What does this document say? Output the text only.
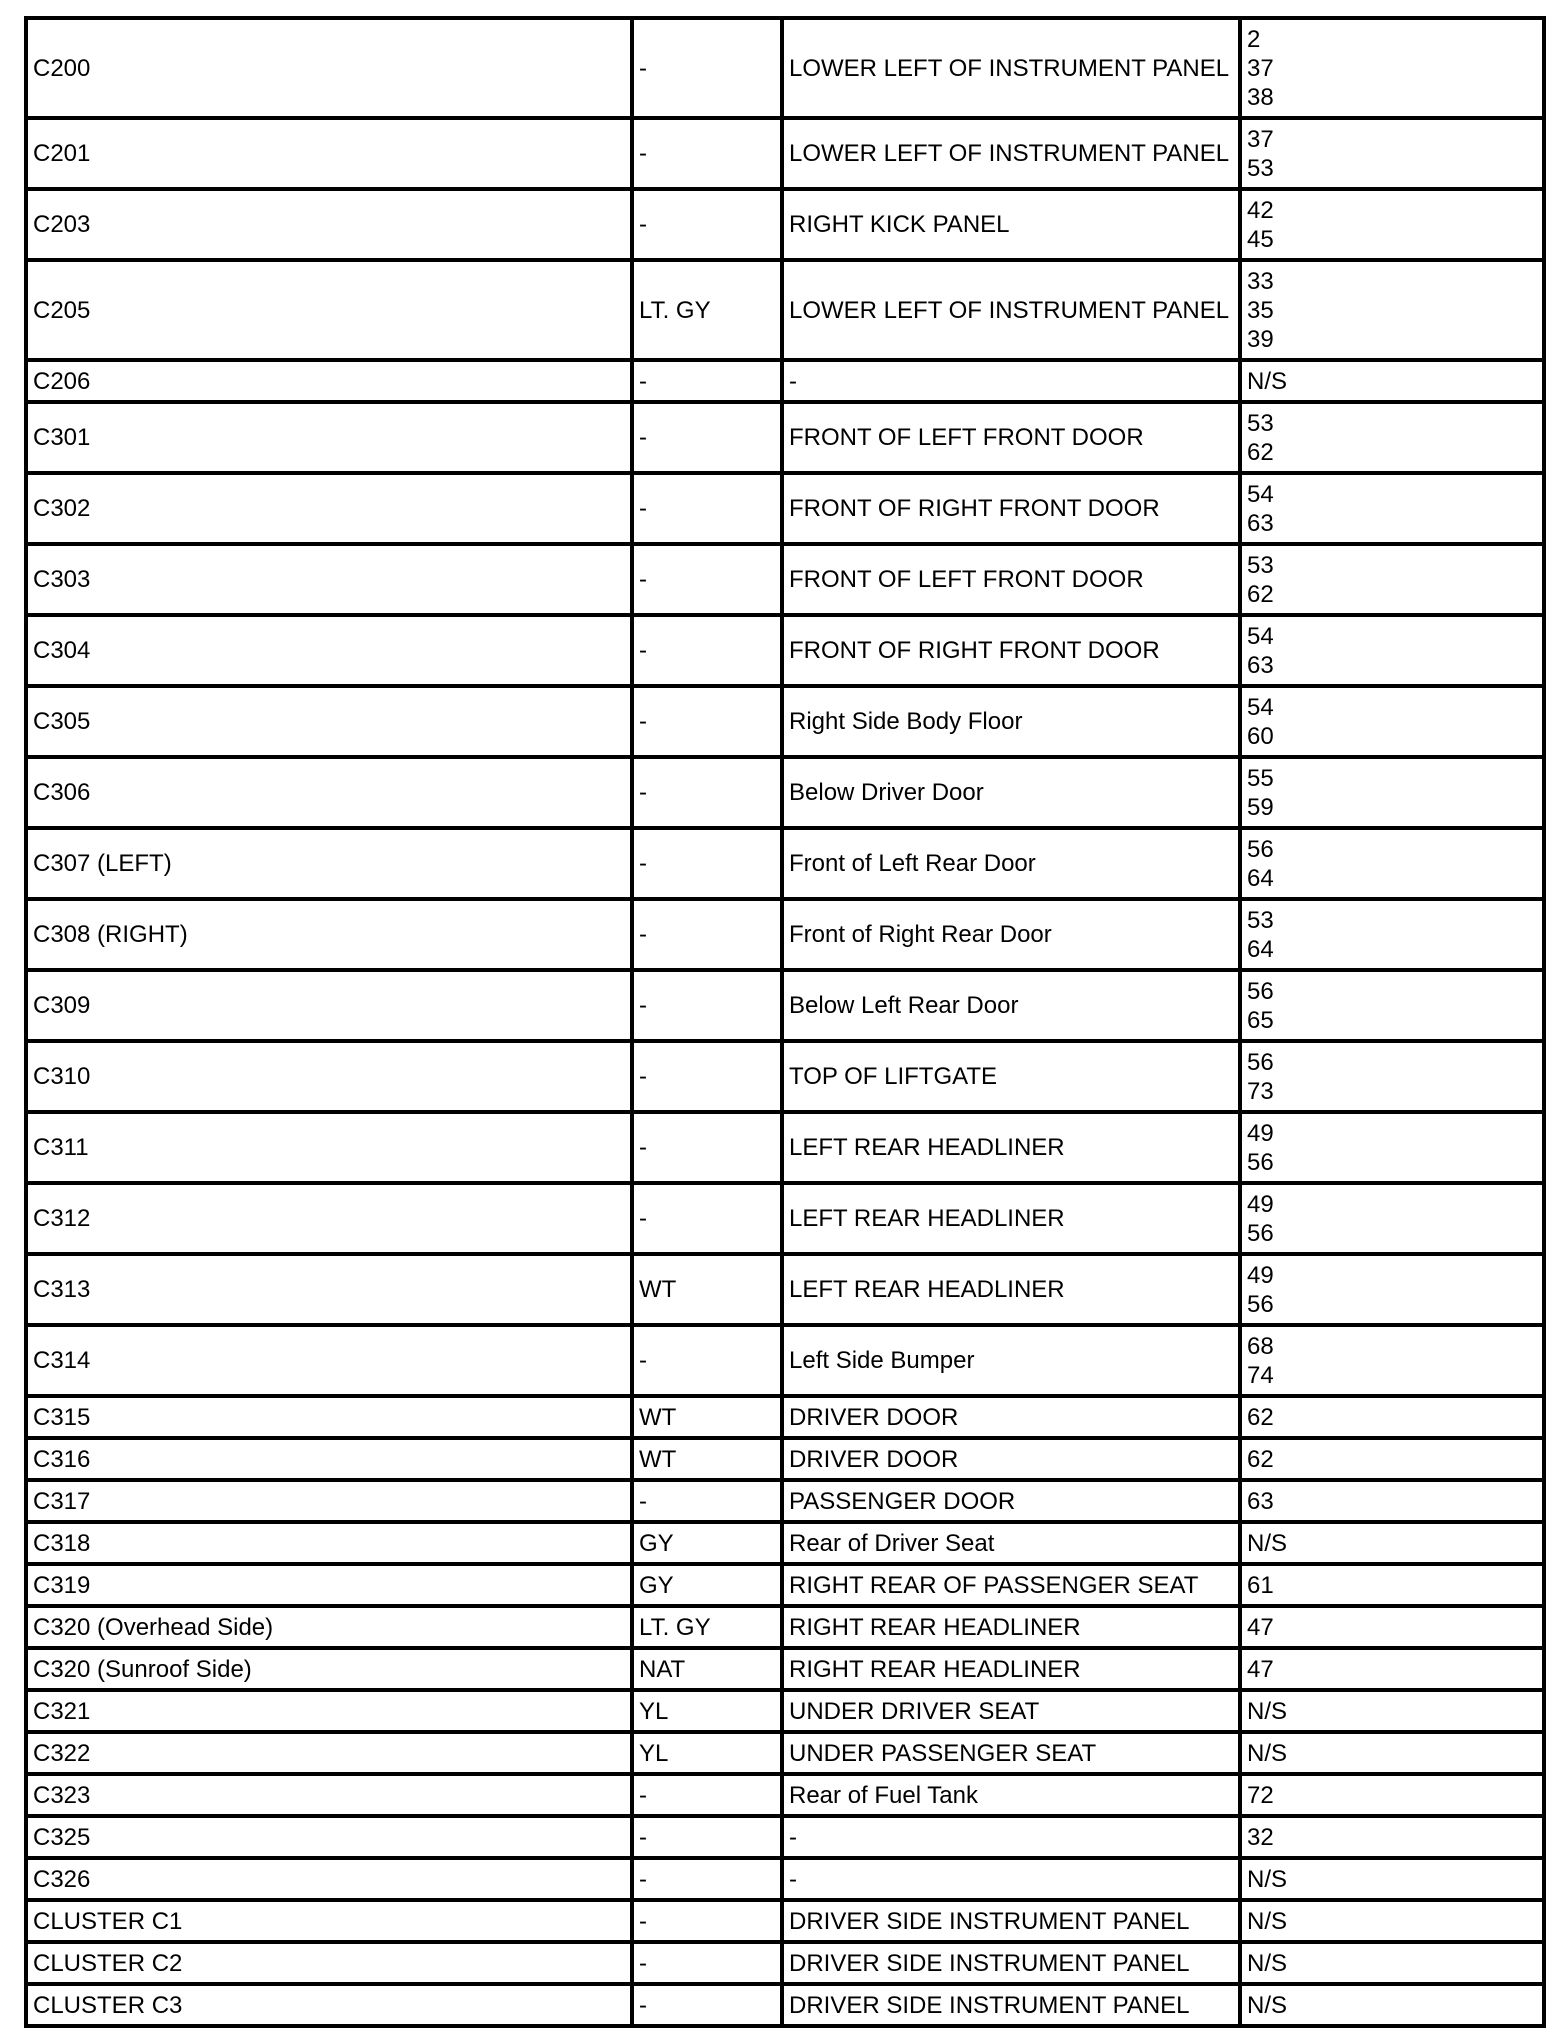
C200	-	LOWER LEFT OF INSTRUMENT PANEL	2
37
38

C201	-	LOWER LEFT OF INSTRUMENT PANEL	37
53

C203	-	RIGHT KICK PANEL	42
45

C205	LT. GY	LOWER LEFT OF INSTRUMENT PANEL	33
35
39

C206	-	-	N/S

C301	-	FRONT OF LEFT FRONT DOOR	53
62

C302	-	FRONT OF RIGHT FRONT DOOR	54
63

C303	-	FRONT OF LEFT FRONT DOOR	53
62

C304	-	FRONT OF RIGHT FRONT DOOR	54
63

C305	-	Right Side Body Floor	54
60

C306	-	Below Driver Door	55
59

C307 (LEFT)	-	Front of Left Rear Door	56
64

C308 (RIGHT)	-	Front of Right Rear Door	53
64

C309	-	Below Left Rear Door	56
65

C310	-	TOP OF LIFTGATE	56
73

C311	-	LEFT REAR HEADLINER	49
56

C312	-	LEFT REAR HEADLINER	49
56

C313	WT	LEFT REAR HEADLINER	49
56

C314	-	Left Side Bumper	68
74

C315	WT	DRIVER DOOR	62

C316	WT	DRIVER DOOR	62

C317	-	PASSENGER DOOR	63

C318	GY	Rear of Driver Seat	N/S

C319	GY	RIGHT REAR OF PASSENGER SEAT	61

C320 (Overhead Side)	LT. GY	RIGHT REAR HEADLINER	47

C320 (Sunroof Side)	NAT	RIGHT REAR HEADLINER	47

C321	YL	UNDER DRIVER SEAT	N/S

C322	YL	UNDER PASSENGER SEAT	N/S

C323	-	Rear of Fuel Tank	72

C325	-	-	32

C326	-	-	N/S

CLUSTER C1	-	DRIVER SIDE INSTRUMENT PANEL	N/S

CLUSTER C2	-	DRIVER SIDE INSTRUMENT PANEL	N/S

CLUSTER C3	-	DRIVER SIDE INSTRUMENT PANEL	N/S
